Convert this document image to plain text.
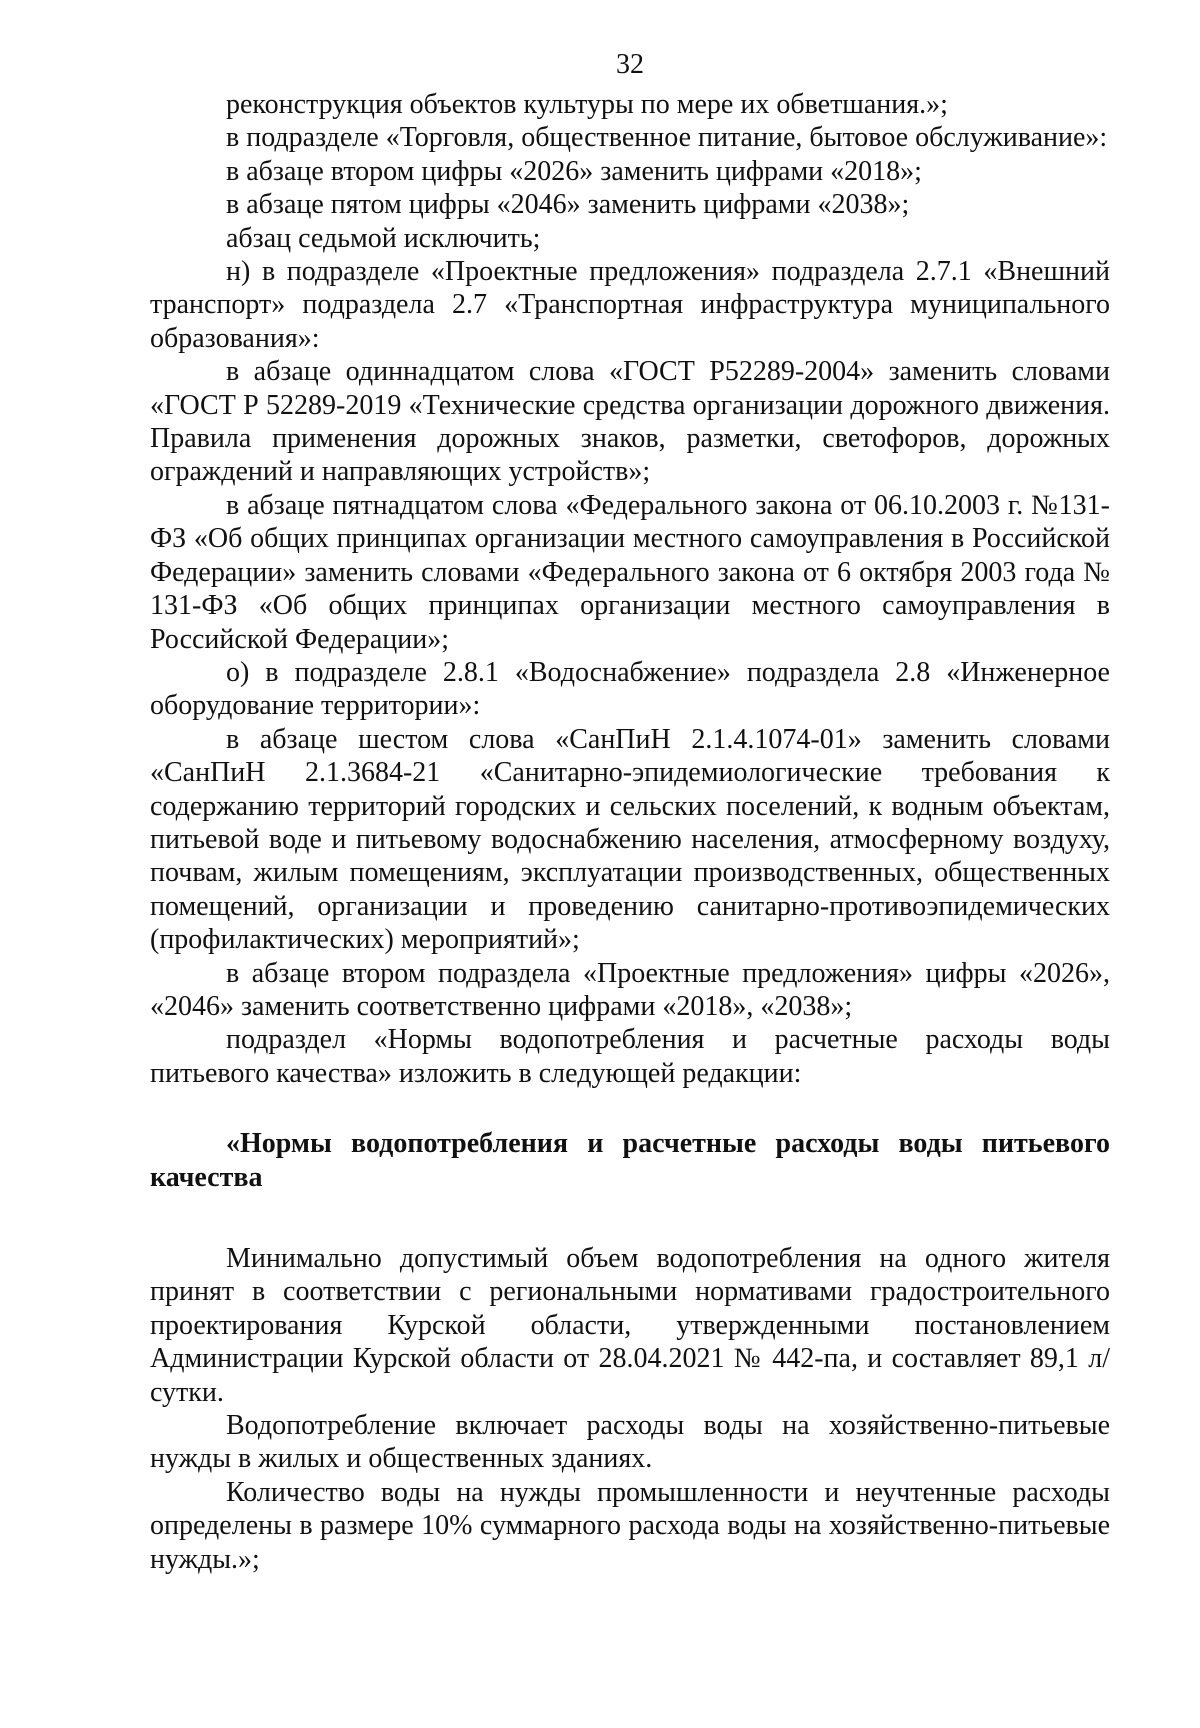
32

реконструкция объектов культуры по мере их обветшания.»;

в подразделе «Торговля, общественное питание, бытовое обслуживание»:

в абзаце втором цифры «2026» заменить цифрами «2018»;

в абзаце пятом цифры «2046» заменить цифрами «2038»;

абзац седьмой исключить;

н) в подразделе «Проектные предложения» подраздела 2.7.1 «Внешний транспорт» подраздела 2.7 «Транспортная инфраструктура муниципального образования»:

в абзаце одиннадцатом слова «ГОСТ Р52289-2004» заменить словами «ГОСТ Р 52289-2019 «Технические средства организации дорожного движения. Правила применения дорожных знаков, разметки, светофоров, дорожных ограждений и направляющих устройств»;

в абзаце пятнадцатом слова «Федерального закона от 06.10.2003 г. №131-ФЗ «Об общих принципах организации местного самоуправления в Российской Федерации» заменить словами «Федерального закона от 6 октября 2003 года № 131-ФЗ «Об общих принципах организации местного самоуправления в Российской Федерации»;

о) в подразделе 2.8.1 «Водоснабжение» подраздела 2.8 «Инженерное оборудование территории»:

в абзаце шестом слова «СанПиН 2.1.4.1074-01» заменить словами «СанПиН 2.1.3684-21 «Санитарно-эпидемиологические требования к содержанию территорий городских и сельских поселений, к водным объектам, питьевой воде и питьевому водоснабжению населения, атмосферному воздуху, почвам, жилым помещениям, эксплуатации производственных, общественных помещений, организации и проведению санитарно-противоэпидемических (профилактических) мероприятий»;

в абзаце втором подраздела «Проектные предложения» цифры «2026», «2046» заменить соответственно цифрами «2018», «2038»;

подраздел «Нормы водопотребления и расчетные расходы воды питьевого качества» изложить в следующей редакции:

«Нормы водопотребления и расчетные расходы воды питьевого качества

Минимально допустимый объем водопотребления на одного жителя принят в соответствии с региональными нормативами градостроительного проектирования Курской области, утвержденными постановлением Администрации Курской области от 28.04.2021 № 442-па, и составляет 89,1 л/сутки.

Водопотребление включает расходы воды на хозяйственно-питьевые нужды в жилых и общественных зданиях.

Количество воды на нужды промышленности и неучтенные расходы определены в размере 10% суммарного расхода воды на хозяйственно-питьевые нужды.»;
